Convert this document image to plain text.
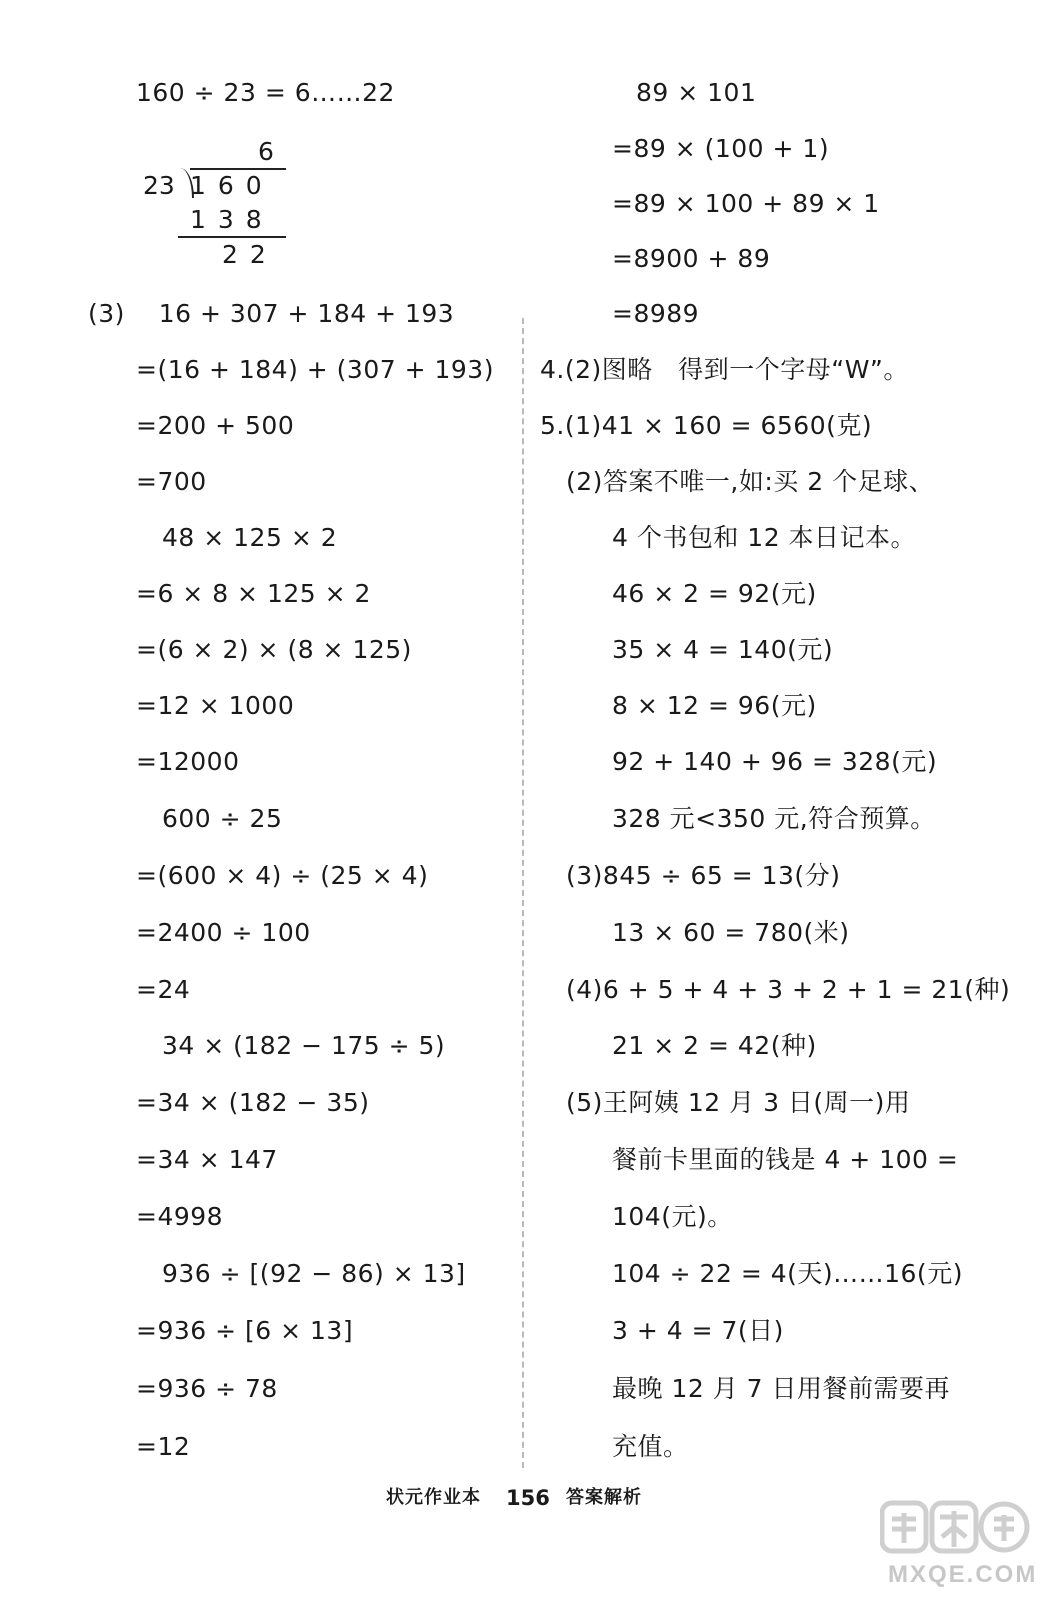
160 ÷ 23 = 6……22
6
23 1 6 0
1 3 8
2 2
(3)    16 + 307 + 184 + 193
=(16 + 184) + (307 + 193)
=200 + 500
=700
48 × 125 × 2
=6 × 8 × 125 × 2
=(6 × 2) × (8 × 125)
=12 × 1000
=12000
600 ÷ 25
=(600 × 4) ÷ (25 × 4)
=2400 ÷ 100
=24
34 × (182 − 175 ÷ 5)
=34 × (182 − 35)
=34 × 147
=4998
936 ÷ [(92 − 86) × 13]
=936 ÷ [6 × 13]
=936 ÷ 78
=12
89 × 101
=89 × (100 + 1)
=89 × 100 + 89 × 1
=8900 + 89
=8989
4.(2)图略　得到一个字母“W”。
5.(1)41 × 160 = 6560(克)
(2)答案不唯一,如:买 2 个足球、
4 个书包和 12 本日记本。
46 × 2 = 92(元)
35 × 4 = 140(元)
8 × 12 = 96(元)
92 + 140 + 96 = 328(元)
328 元<350 元,符合预算。
(3)845 ÷ 65 = 13(分)
13 × 60 = 780(米)
(4)6 + 5 + 4 + 3 + 2 + 1 = 21(种)
21 × 2 = 42(种)
(5)王阿姨 12 月 3 日(周一)用
餐前卡里面的钱是 4 + 100 =
104(元)。
104 ÷ 22 = 4(天)……16(元)
3 + 4 = 7(日)
最晚 12 月 7 日用餐前需要再
充值。
状元作业本 156 答案解析
MXQE.COM
